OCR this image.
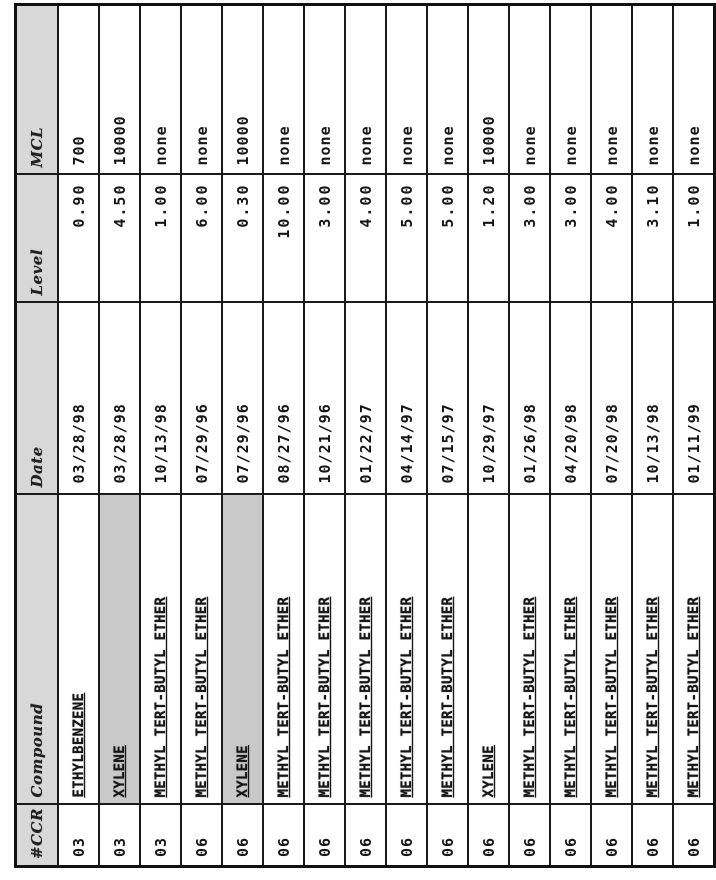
#CCR	Compound	Date	Level	MCL
03	ETHYLBENZENE	03/28/98	0.90	700
03	XYLENE	03/28/98	4.50	10000
03	METHYL TERT-BUTYL ETHER	10/13/98	1.00	none
06	METHYL TERT-BUTYL ETHER	07/29/96	6.00	none
06	XYLENE	07/29/96	0.30	10000
06	METHYL TERT-BUTYL ETHER	08/27/96	10.00	none
06	METHYL TERT-BUTYL ETHER	10/21/96	3.00	none
06	METHYL TERT-BUTYL ETHER	01/22/97	4.00	none
06	METHYL TERT-BUTYL ETHER	04/14/97	5.00	none
06	METHYL TERT-BUTYL ETHER	07/15/97	5.00	none
06	XYLENE	10/29/97	1.20	10000
06	METHYL TERT-BUTYL ETHER	01/26/98	3.00	none
06	METHYL TERT-BUTYL ETHER	04/20/98	3.00	none
06	METHYL TERT-BUTYL ETHER	07/20/98	4.00	none
06	METHYL TERT-BUTYL ETHER	10/13/98	3.10	none
06	METHYL TERT-BUTYL ETHER	01/11/99	1.00	none
